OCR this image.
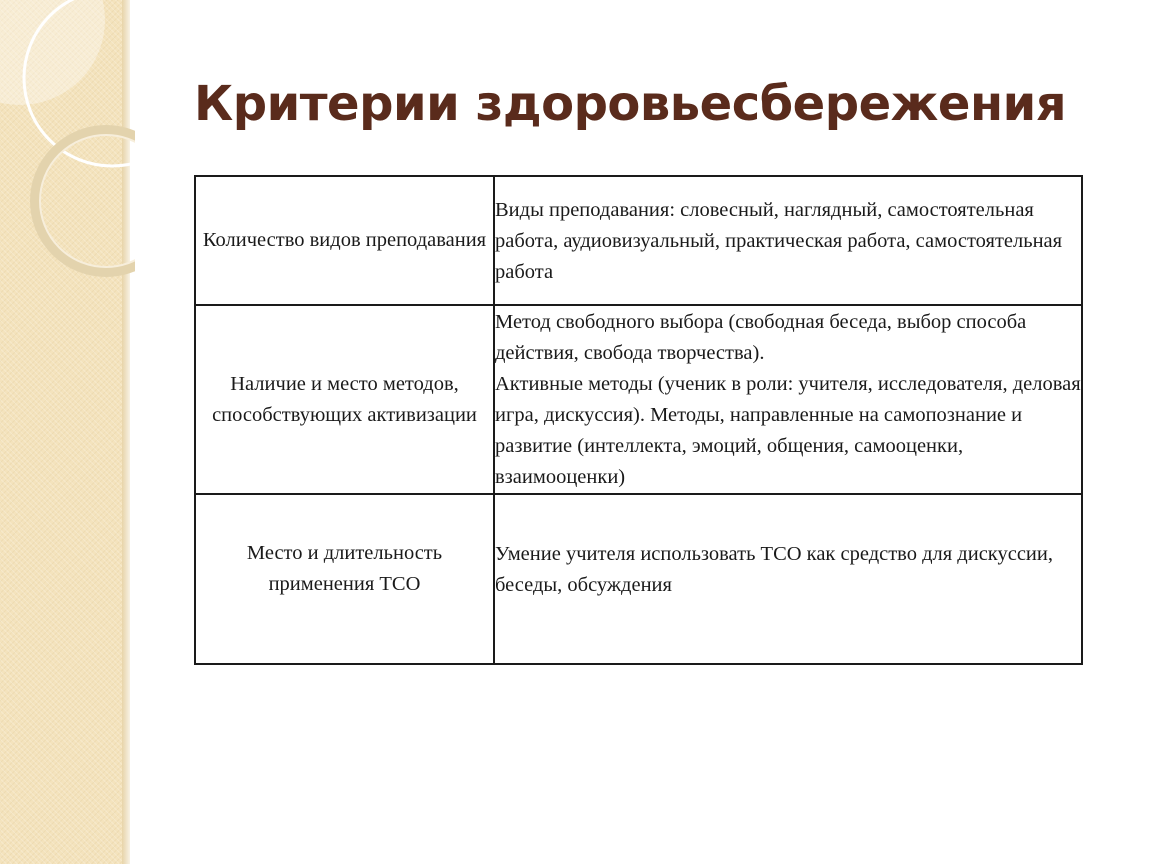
Критерии здоровьесбережения
Количество видов преподавания	Виды преподавания: словесный, наглядный, самостоятельная работа, аудиовизуальный, практическая работа, самостоятельная работа

Наличие и место методов, способствующих активизации	Метод свободного выбора (свободная беседа, выбор способа действия, свобода творчества).
Активные методы (ученик в роли: учителя, исследователя, деловая игра, дискуссия). Методы, направленные на самопознание и развитие (интеллекта, эмоций, общения, самооценки, взаимооценки)

Место и длительность применения ТСО	Умение учителя использовать ТСО как средство для дискуссии, беседы, обсуждения
